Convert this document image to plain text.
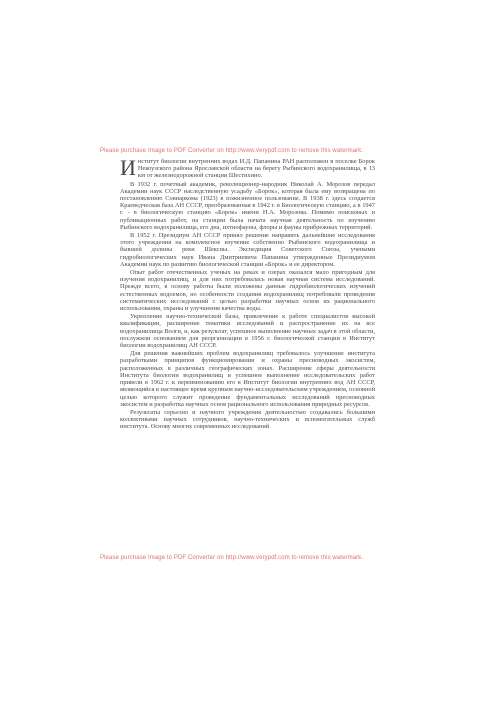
Please purchase Image to PDF Converter on http://www.verypdf.com to remove this watermark.

Институт биологии внутренних водах И.Д. Папанина РАН расположен в поселке Борок Некоузского района Ярославской области на берегу Рыбинского водохранилища, в 13 км от железнодорожной станции Шестихино.

В 1932 г. почетный академик, революционер-народник Николай А. Морозов передал Академии наук СССР наследственную усадьбу «Борок», которая была ему возвращена по постановлению Совнаркома (1923) в пожизненное пользование. В 1938 г. здесь создается Краеведческая база АН СССР, преобразованная в 1942 г. в Биологическую станцию, а в 1947 г. - в биологическую станцию «Борок» имени Н.А. Морозова. Помимо поисковых и публикационных работ, на станции была начата научная деятельность по изучению Рыбинского водохранилища, его дна, ихтиофауны, флоры и фауны прибрежных территорий.

В 1952 г. Президиум АН СССР принял решение направить дальнейшие исследования этого учреждения на комплексное изучение собственно Рыбинского водохранилища и бывшей долины реки Шексны. Экспедиция Советского Союза, учеными гидробиологических наук Ивана Дмитриевича Папанина утвержденные Президиумом Академии наук по развитию биологической станции «Борок» и ее директором.

Опыт работ отечественных ученых на реках и озерах оказался мало пригодным для изучения водохранилищ, и для них потребовалась новая научная система исследований. Прежде всего, в основу работы были положены данные гидробиологических изучений естественных водоемов, но особенности создания водохранилищ потребовали проведения систематических исследований с целью разработки научных основ их рационального использования, охраны и улучшения качества воды.

Укрепление научно-технической базы, привлечение к работе специалистов высокой квалификации, расширение тематики исследований и распространение их на все водохранилища Волги, и, как результат, успешное выполнение научных задач в этой области, послужили основанием для реорганизации в 1956 г. биологической станции в Институт биологии водохранилищ АН СССР.

Для решения важнейших проблем водохранилищ требовалось улучшение института разработками принципов функционирования и охраны пресноводных экосистем, расположенных в различных географических зонах. Расширение сферы деятельности Института биологии водохранилищ и успешное выполнение исследовательских работ привели в 1962 г. к переименованию его в Институт биологии внутренних вод АН СССР, являющийся в настоящее время крупным научно-исследовательским учреждением, основной целью которого служит проведение фундаментальных исследований пресноводных экосистем и разработка научных основ рационального использования природных ресурсов.

Результаты серьезно и научного учреждения деятельностью создавались большими коллективами научных сотрудников, научно-технических и вспомогательных служб института. Основу многих современных исследований

Please purchase Image to PDF Converter on http://www.verypdf.com to remove this watermark.
